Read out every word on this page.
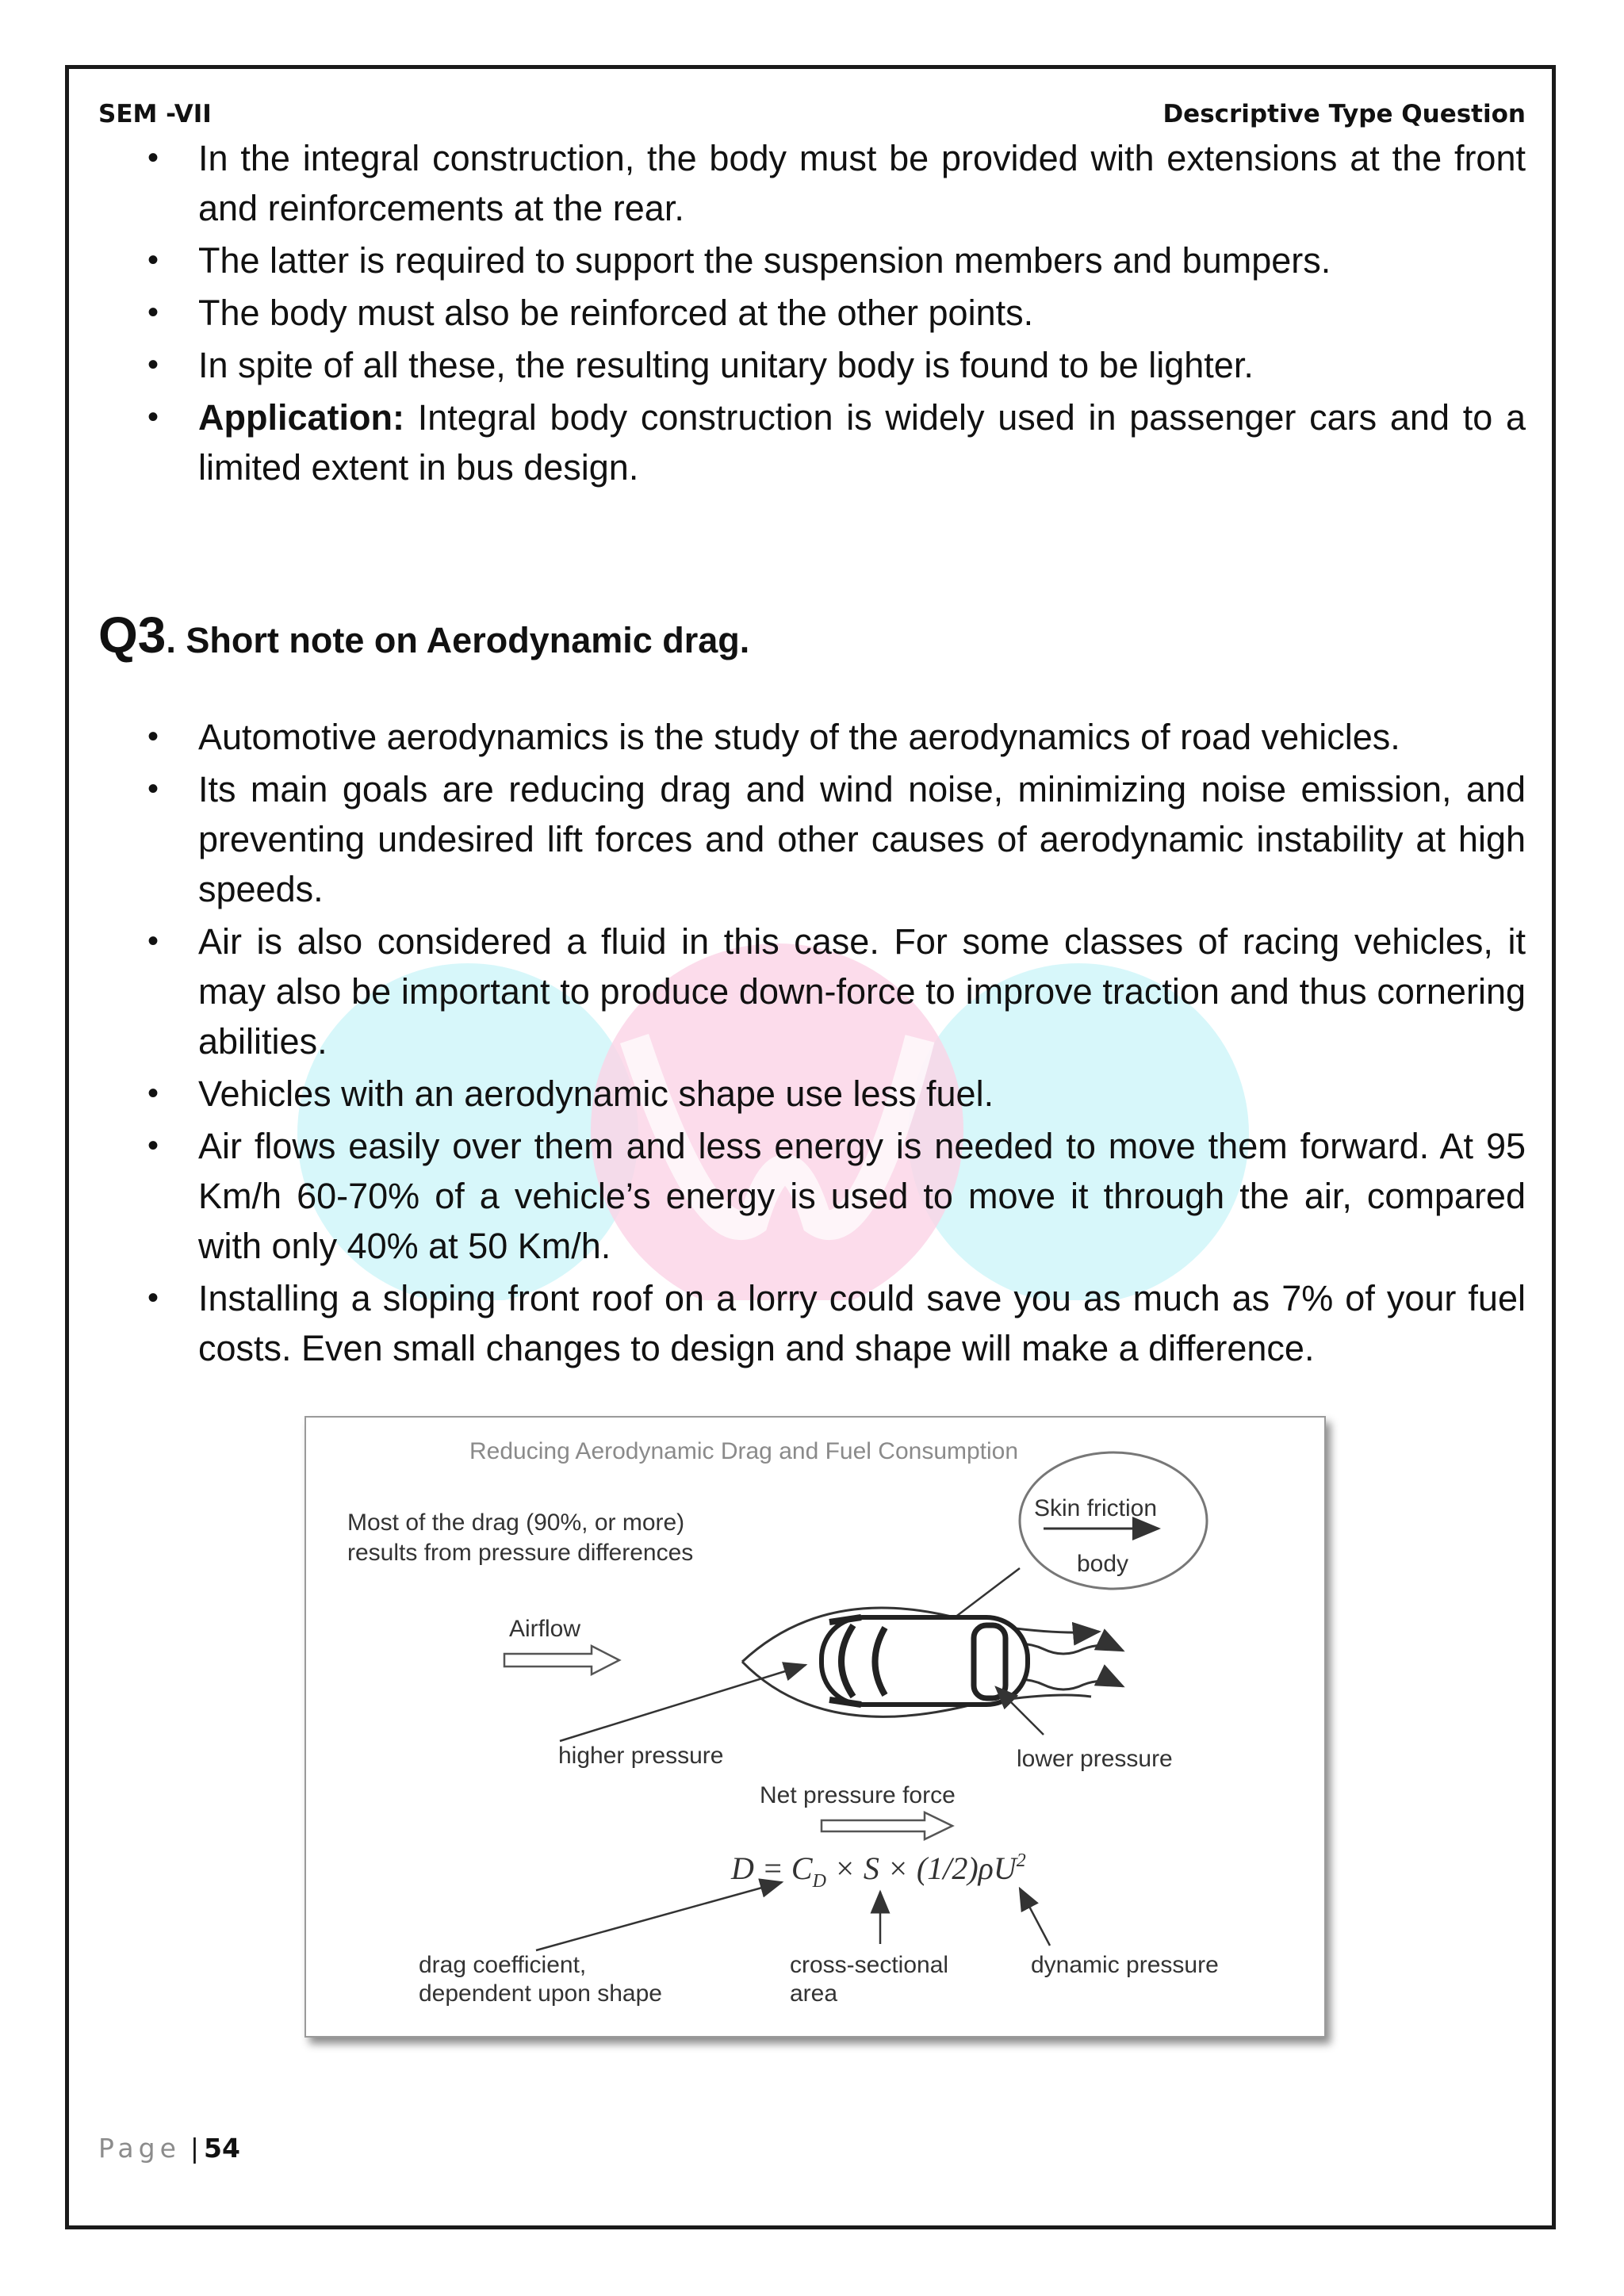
SEM -VII	Descriptive Type Question
• In the integral construction, the body must be provided with extensions at the front and reinforcements at the rear.
• The latter is required to support the suspension members and bumpers.
• The body must also be reinforced at the other points.
• In spite of all these, the resulting unitary body is found to be lighter.
• Application: Integral body construction is widely used in passenger cars and to a limited extent in bus design.
Q3. Short note on Aerodynamic drag.
• Automotive aerodynamics is the study of the aerodynamics of road vehicles.
• Its main goals are reducing drag and wind noise, minimizing noise emission, and preventing undesired lift forces and other causes of aerodynamic instability at high speeds.
• Air is also considered a fluid in this case. For some classes of racing vehicles, it may also be important to produce down-force to improve traction and thus cornering abilities.
• Vehicles with an aerodynamic shape use less fuel.
• Air flows easily over them and less energy is needed to move them forward. At 95 Km/h 60-70% of a vehicle’s energy is used to move it through the air, compared with only 40% at 50 Km/h.
• Installing a sloping front roof on a lorry could save you as much as 7% of your fuel costs. Even small changes to design and shape will make a difference.
Reducing Aerodynamic Drag and Fuel Consumption
Most of the drag (90%, or more)
results from pressure differences
Skin friction
body
Airflow
higher pressure	lower pressure
Net pressure force
$D = C_D \times S \times (1/2)\rho U^2$
drag coefficient,
dependent upon shape
cross-sectional
area
dynamic pressure
Page | 54
